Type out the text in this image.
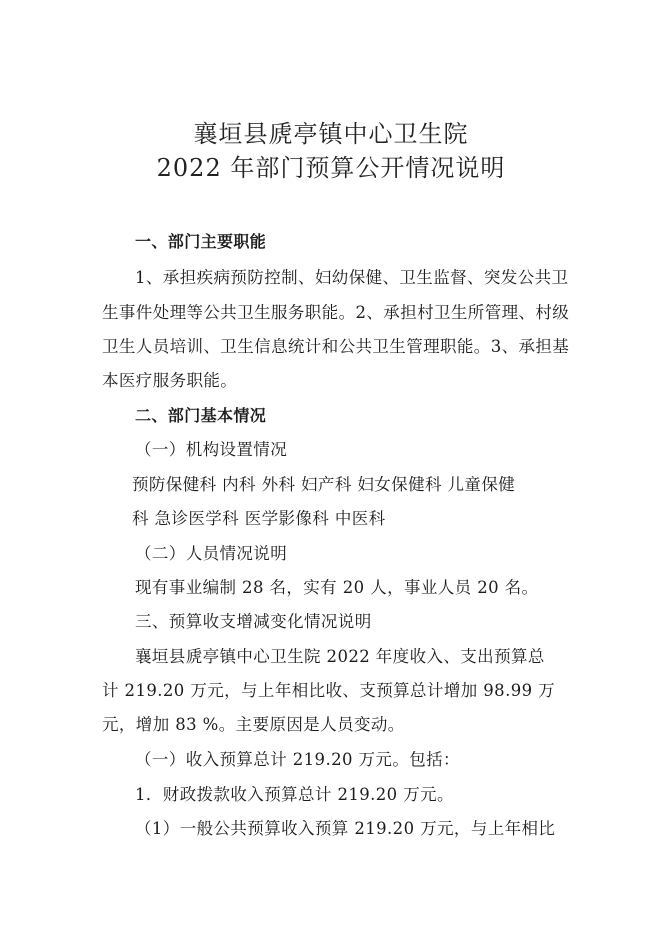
襄垣县虒亭镇中心卫生院
2022 年部门预算公开情况说明
一、部门主要职能
1、承担疾病预防控制、妇幼保健、卫生监督、突发公共卫
生事件处理等公共卫生服务职能。2、承担村卫生所管理、村级
卫生人员培训、卫生信息统计和公共卫生管理职能。3、承担基
本医疗服务职能。
二、部门基本情况
（一）机构设置情况
预防保健科 内科 外科 妇产科 妇女保健科 儿童保健
科 急诊医学科 医学影像科 中医科
（二）人员情况说明
现有事业编制 28 名，实有 20 人，事业人员 20 名。
三、预算收支增减变化情况说明
襄垣县虒亭镇中心卫生院 2022 年度收入、支出预算总
计 219.20 万元，与上年相比收、支预算总计增加 98.99 万
元，增加 83 %。主要原因是人员变动。
（一）收入预算总计 219.20 万元。包括：
1．财政拨款收入预算总计 219.20 万元。
（1）一般公共预算收入预算 219.20 万元，与上年相比
